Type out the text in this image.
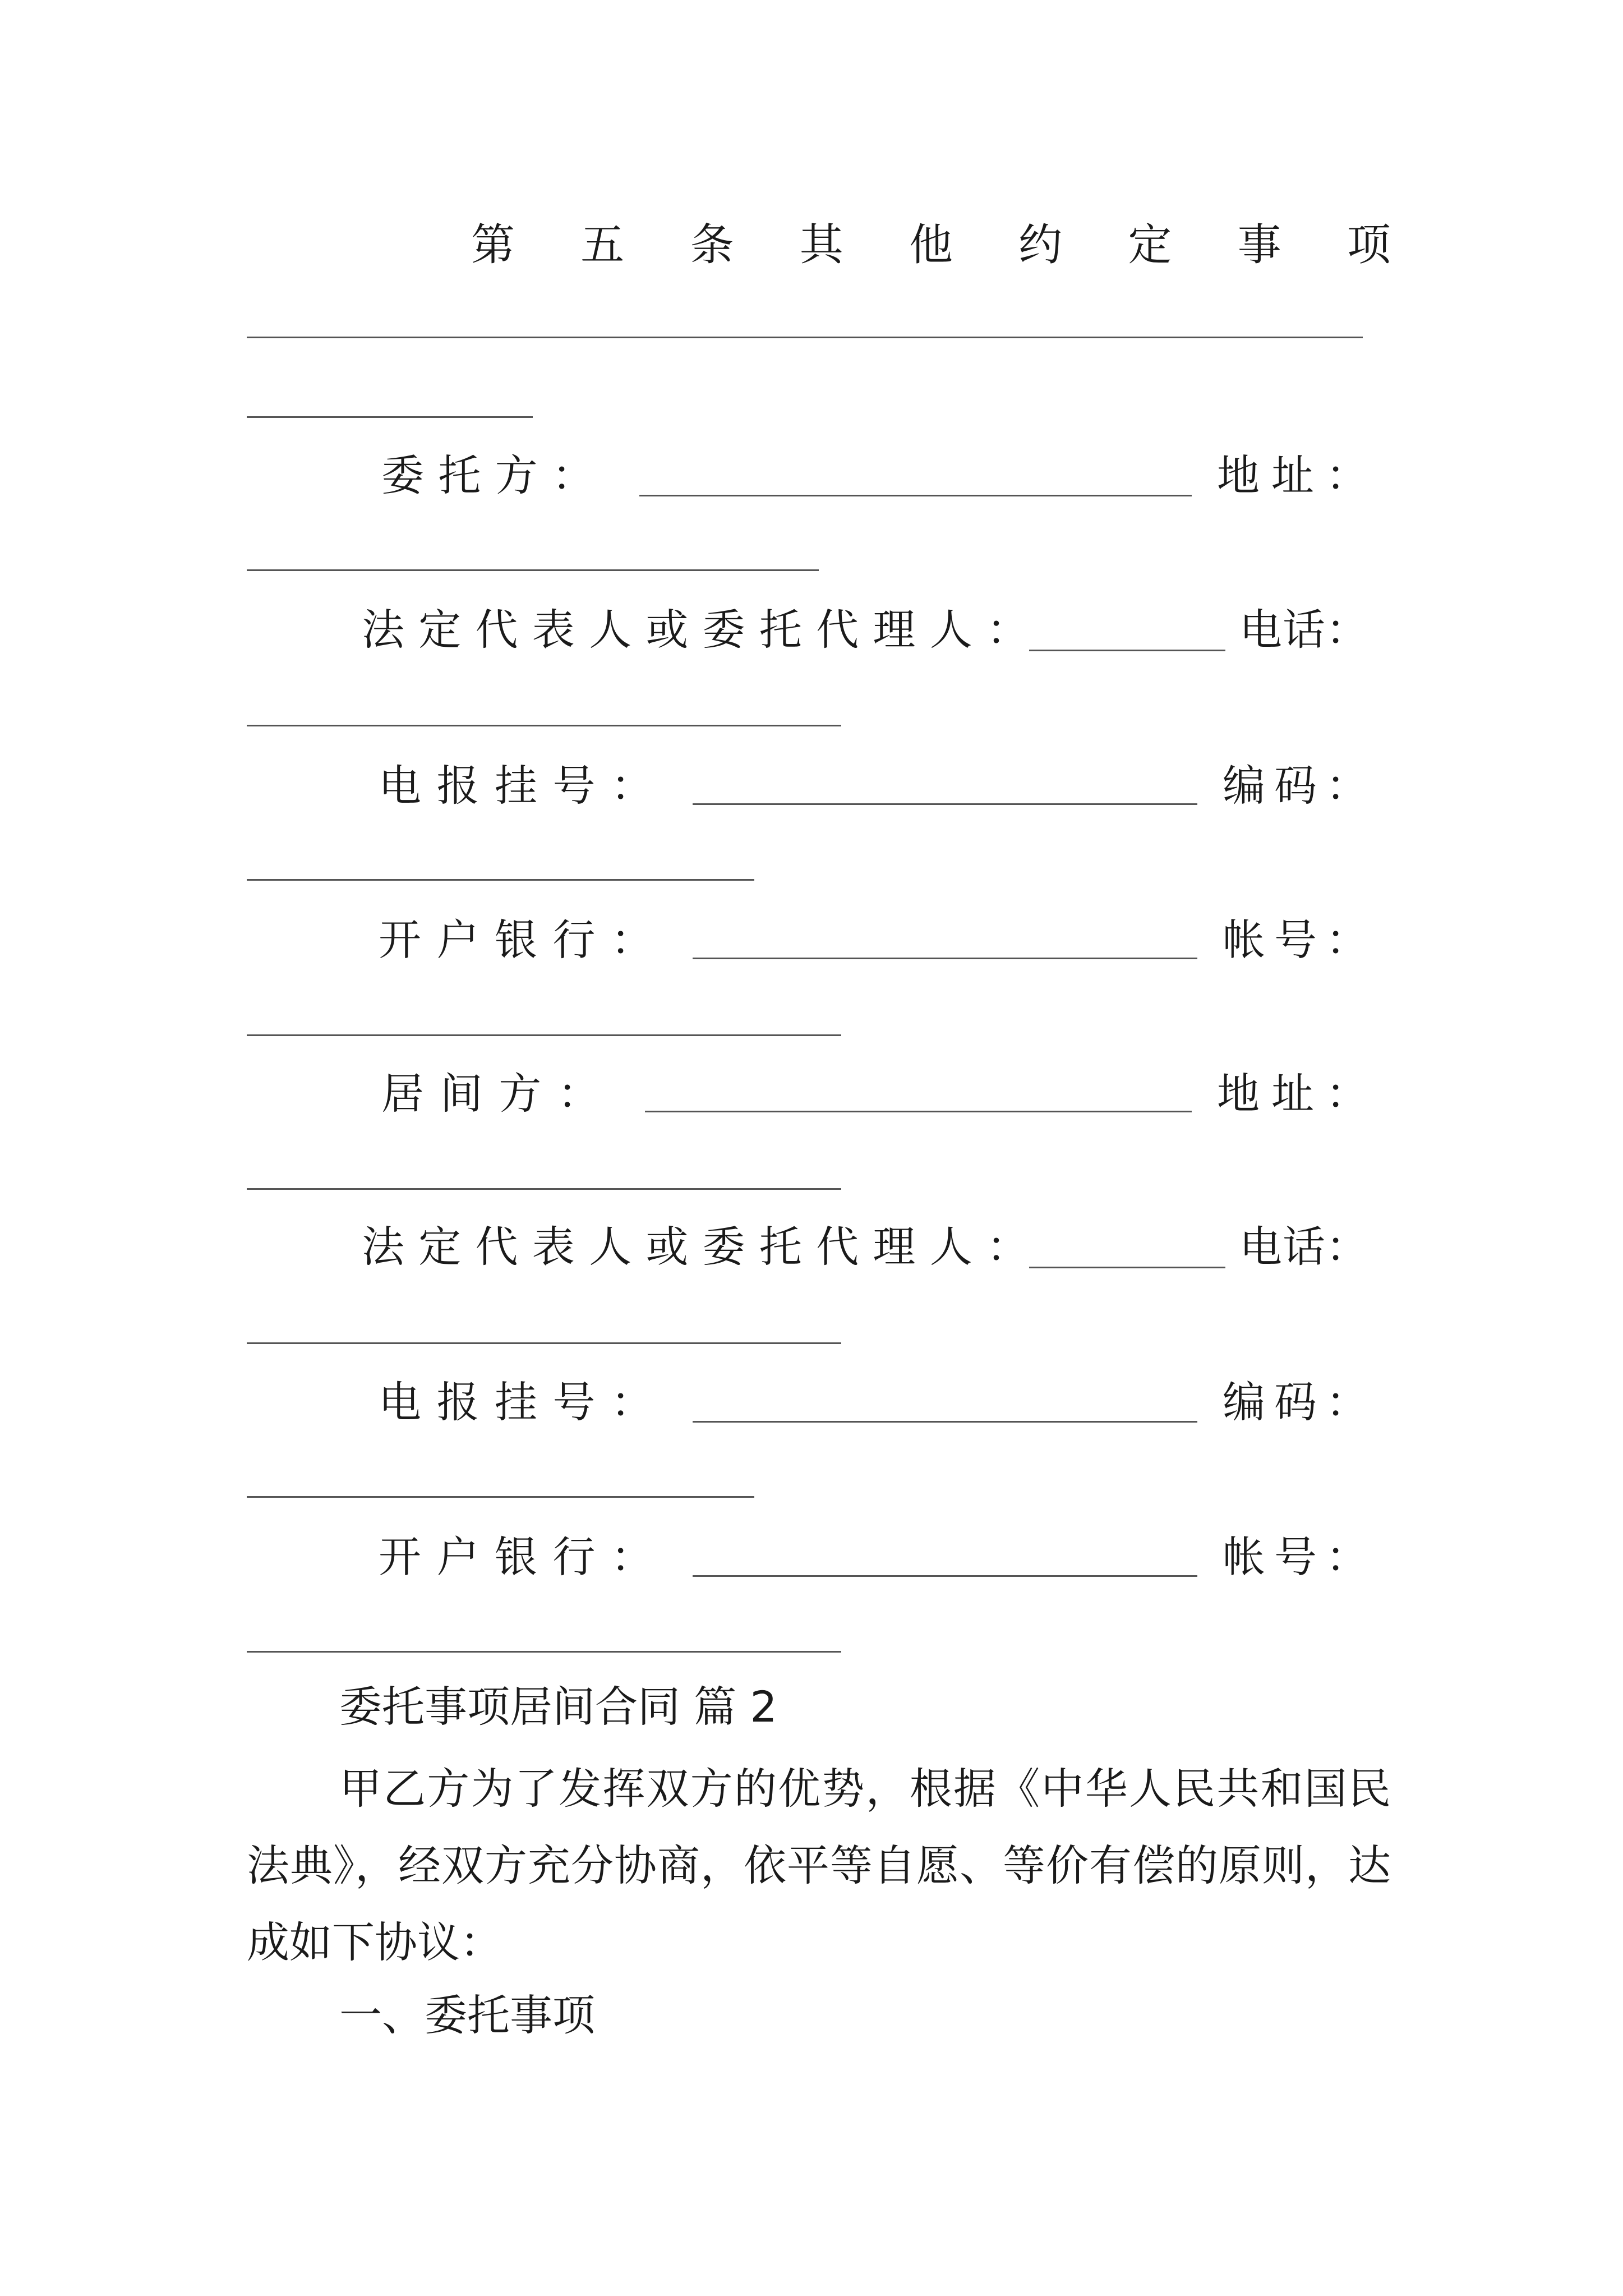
第 五 条 其 他 约 定 事 项
委 托 方 ：	地 址 ：
法 定 代 表 人 或 委 托 代 理 人 ：	电 话 ：
电 报 挂 号 ：	编 码 ：
开 户 银 行 ：	帐 号 ：
居 间 方 ：	地 址 ：
法 定 代 表 人 或 委 托 代 理 人 ：	电 话 ：
电 报 挂 号 ：	编 码 ：
开 户 银 行 ：	帐 号 ：
委托事项居间合同 篇 2
甲乙方为了发挥双方的优势，根据《中华人民共和国民法典》，经双方充分协商，依平等自愿、等价有偿的原则，达成如下协议：
一、委托事项
